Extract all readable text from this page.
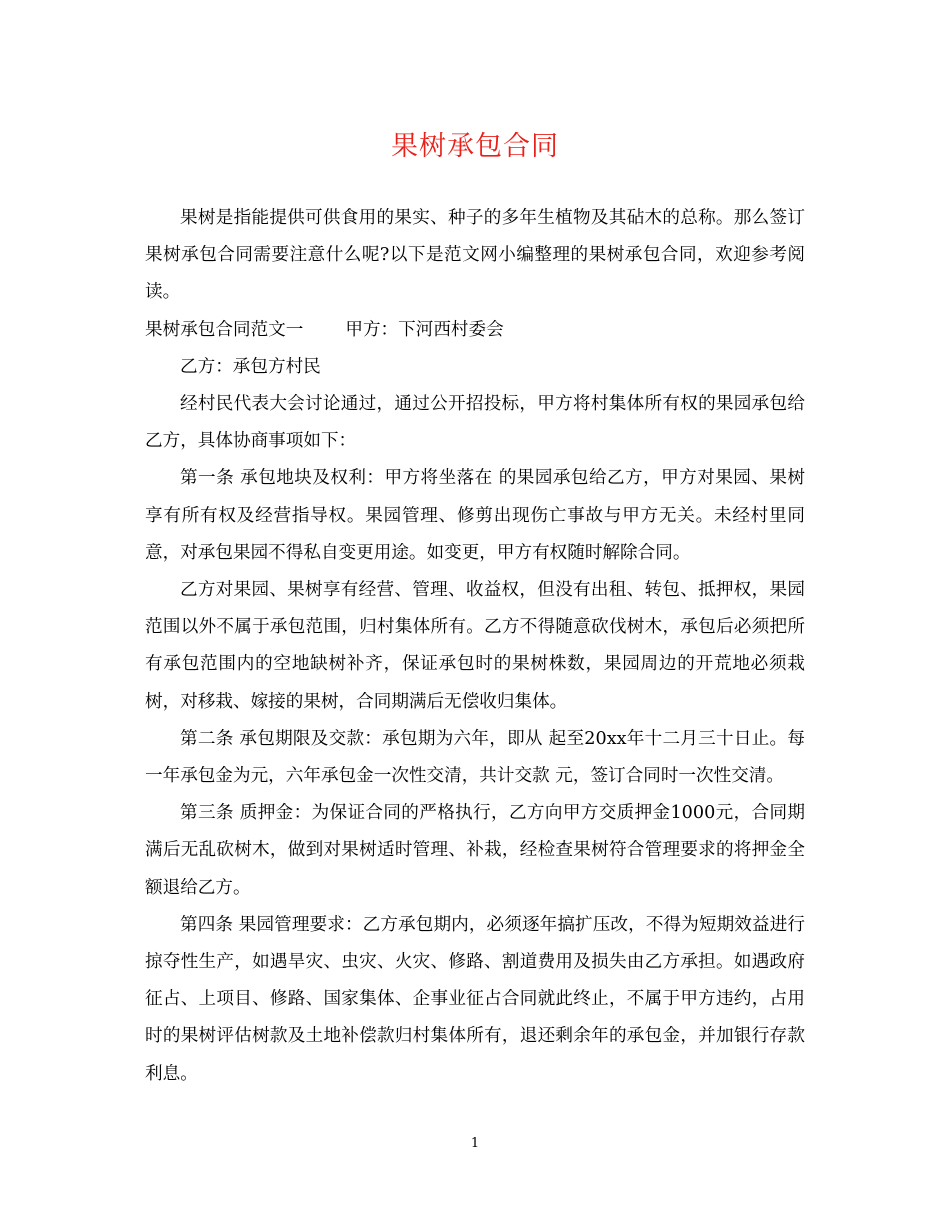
果树承包合同

果树是指能提供可供食用的果实、种子的多年生植物及其砧木的总称。那么签订果树承包合同需要注意什么呢?以下是范文网小编整理的果树承包合同，欢迎参考阅读。

果树承包合同范文一 甲方：下河西村委会

乙方：承包方村民

经村民代表大会讨论通过，通过公开招投标，甲方将村集体所有权的果园承包给乙方，具体协商事项如下：

第一条 承包地块及权利：甲方将坐落在 的果园承包给乙方，甲方对果园、果树享有所有权及经营指导权。果园管理、修剪出现伤亡事故与甲方无关。未经村里同意，对承包果园不得私自变更用途。如变更，甲方有权随时解除合同。

乙方对果园、果树享有经营、管理、收益权，但没有出租、转包、抵押权，果园范围以外不属于承包范围，归村集体所有。乙方不得随意砍伐树木，承包后必须把所有承包范围内的空地缺树补齐，保证承包时的果树株数，果园周边的开荒地必须栽树，对移栽、嫁接的果树，合同期满后无偿收归集体。

第二条 承包期限及交款：承包期为六年，即从 起至20xx年十二月三十日止。每一年承包金为元，六年承包金一次性交清，共计交款 元，签订合同时一次性交清。

第三条 质押金：为保证合同的严格执行，乙方向甲方交质押金1000元，合同期满后无乱砍树木，做到对果树适时管理、补栽，经检查果树符合管理要求的将押金全额退给乙方。

第四条 果园管理要求：乙方承包期内，必须逐年搞扩压改，不得为短期效益进行掠夺性生产，如遇旱灾、虫灾、火灾、修路、割道费用及损失由乙方承担。如遇政府征占、上项目、修路、国家集体、企事业征占合同就此终止，不属于甲方违约，占用时的果树评估树款及土地补偿款归村集体所有，退还剩余年的承包金，并加银行存款利息。

1
